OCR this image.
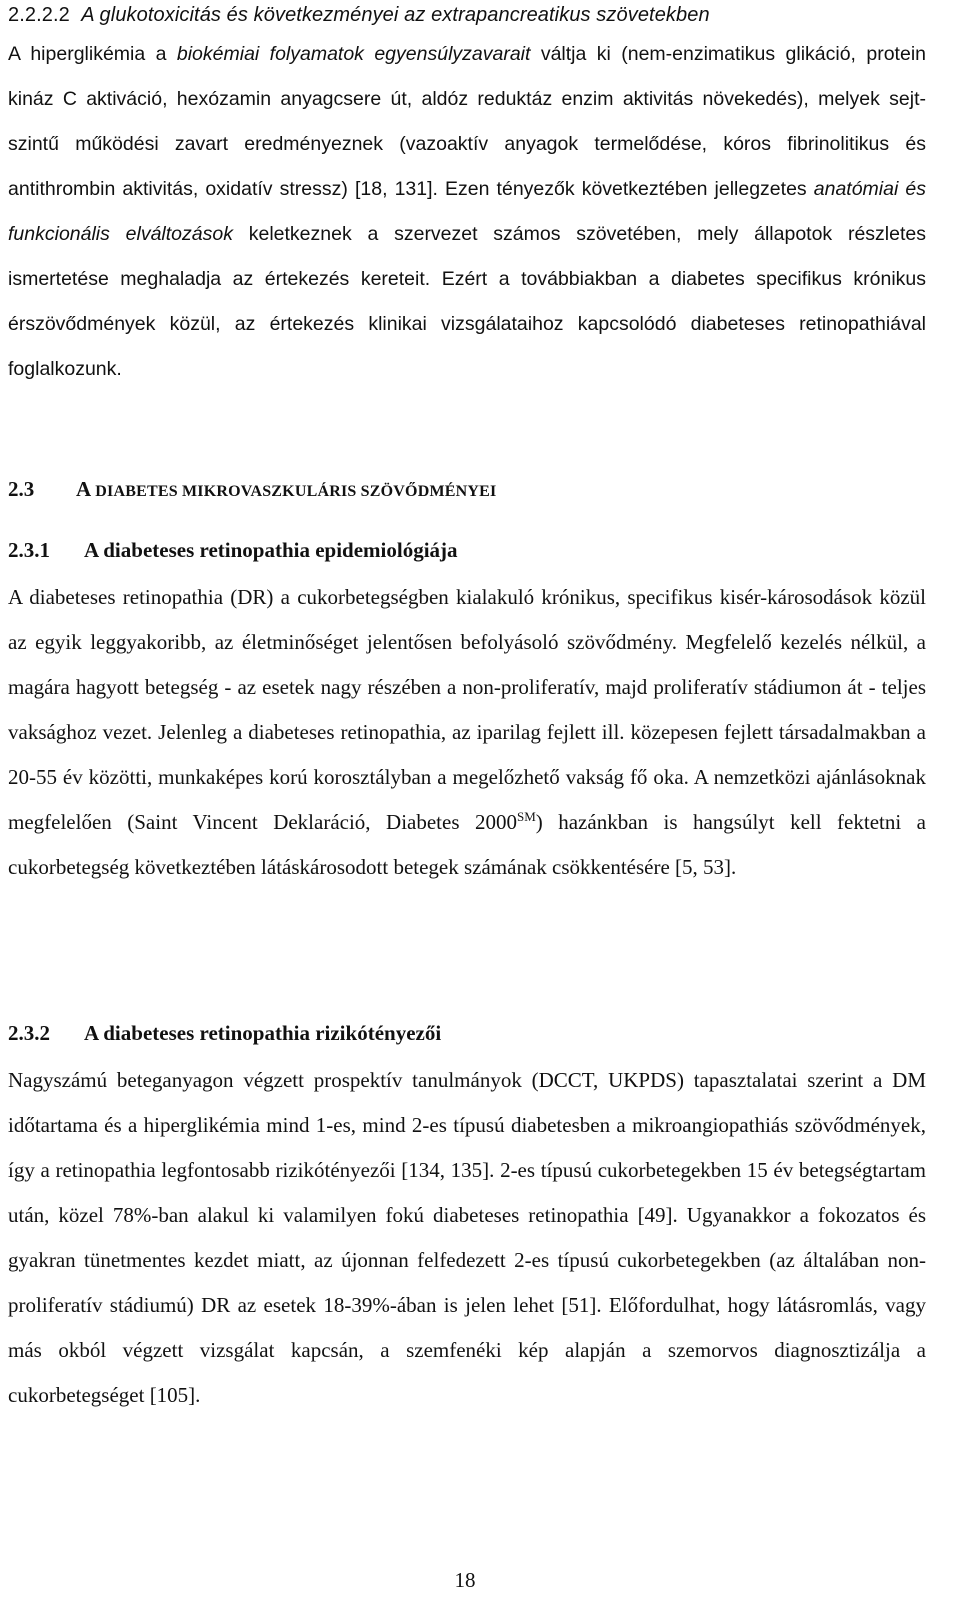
2.2.2.2 A glukotoxicitás és következményei az extrapancreatikus szövetekben

A hiperglikémia a biokémiai folyamatok egyensúlyzavarait váltja ki (nem-enzimatikus glikáció, protein kináz C aktiváció, hexózamin anyagcsere út, aldóz reduktáz enzim aktivitás növekedés), melyek sejt-szintű működési zavart eredményeznek (vazoaktív anyagok termelődése, kóros fibrinolitikus és antithrombin aktivitás, oxidatív stressz) [18, 131]. Ezen tényezők következtében jellegzetes anatómiai és funkcionális elváltozások keletkeznek a szervezet számos szövetében, mely állapotok részletes ismertetése meghaladja az értekezés kereteit. Ezért a továbbiakban a diabetes specifikus krónikus érszövődmények közül, az értekezés klinikai vizsgálataihoz kapcsolódó diabeteses retinopathiával foglalkozunk.

2.3 A DIABETES MIKROVASZKULÁRIS SZÖVŐDMÉNYEI
2.3.1 A diabeteses retinopathia epidemiológiája

A diabeteses retinopathia (DR) a cukorbetegségben kialakuló krónikus, specifikus kisér-károsodások közül az egyik leggyakoribb, az életminőséget jelentősen befolyásoló szövődmény. Megfelelő kezelés nélkül, a magára hagyott betegség - az esetek nagy részében a non-proliferatív, majd proliferatív stádiumon át - teljes vaksághoz vezet. Jelenleg a diabeteses retinopathia, az iparilag fejlett ill. közepesen fejlett társadalmakban a 20-55 év közötti, munkaképes korú korosztályban a megelőzhető vakság fő oka. A nemzetközi ajánlásoknak megfelelően (Saint Vincent Deklaráció, Diabetes 2000℠) hazánkban is hangsúlyt kell fektetni a cukorbetegség következtében látáskárosodott betegek számának csökkentésére [5, 53].

2.3.2 A diabeteses retinopathia rizikótényezői

Nagyszámú beteganyagon végzett prospektív tanulmányok (DCCT, UKPDS) tapasztalatai szerint a DM időtartama és a hiperglikémia mind 1-es, mind 2-es típusú diabetesben a mikroangiopathiás szövődmények, így a retinopathia legfontosabb rizikótényezői [134, 135]. 2-es típusú cukorbetegekben 15 év betegségtartam után, közel 78%-ban alakul ki valamilyen fokú diabeteses retinopathia [49]. Ugyanakkor a fokozatos és gyakran tünetmentes kezdet miatt, az újonnan felfedezett 2-es típusú cukorbetegekben (az általában non-proliferatív stádiumú) DR az esetek 18-39%-ában is jelen lehet [51]. Előfordulhat, hogy látásromlás, vagy más okból végzett vizsgálat kapcsán, a szemfenéki kép alapján a szemorvos diagnosztizálja a cukorbetegséget [105].

18
